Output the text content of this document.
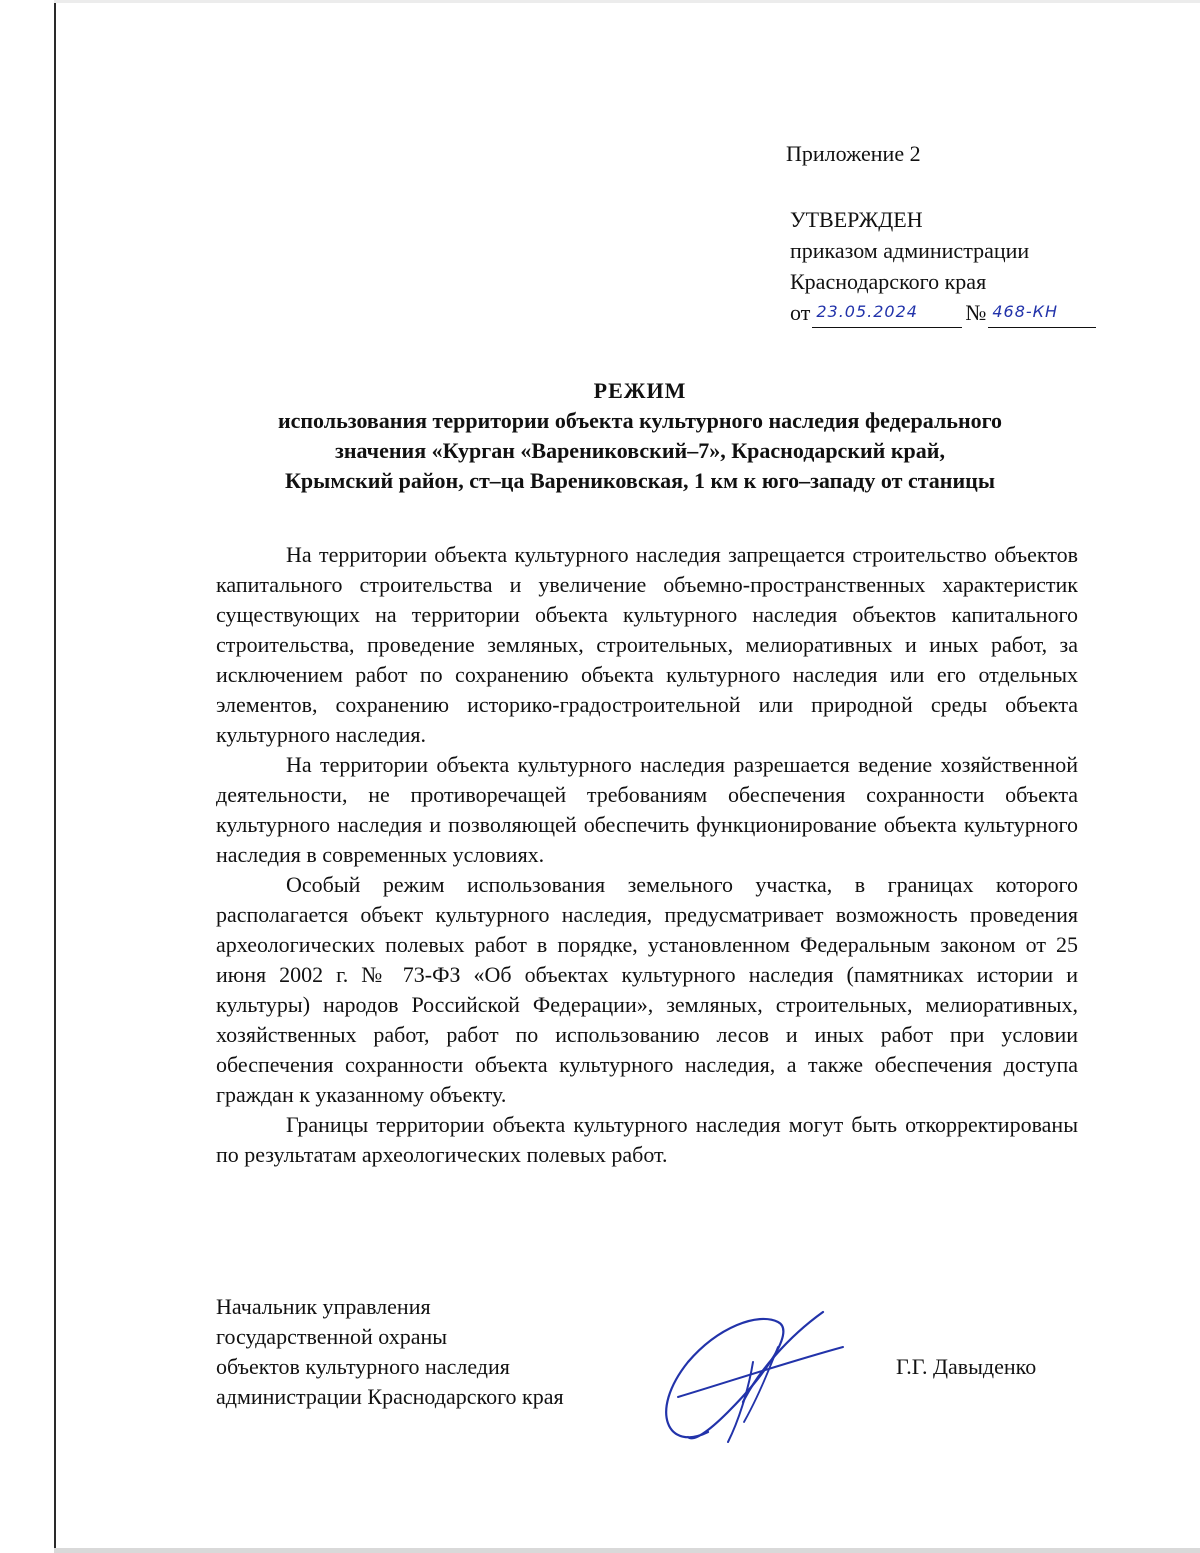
Приложение 2
УТВЕРЖДЕН
приказом администрации
Краснодарского края
от 23.05.2024 № 468-КН
РЕЖИМ
использования территории объекта культурного наследия федерального
значения «Курган «Варениковский–7», Краснодарский край,
Крымский район, ст–ца Варениковская, 1 км к юго–западу от станицы

На территории объекта культурного наследия запрещается строительство объектов капитального строительства и увеличение объемно-пространственных характеристик существующих на территории объекта культурного наследия объектов капитального строительства, проведение земляных, строительных, мелиоративных и иных работ, за исключением работ по сохранению объекта культурного наследия или его отдельных элементов, сохранению историко-градостроительной или природной среды объекта культурного наследия.

На территории объекта культурного наследия разрешается ведение хозяйственной деятельности, не противоречащей требованиям обеспечения сохранности объекта культурного наследия и позволяющей обеспечить функционирование объекта культурного наследия в современных условиях.

Особый режим использования земельного участка, в границах которого располагается объект культурного наследия, предусматривает возможность проведения археологических полевых работ в порядке, установленном Федеральным законом от 25 июня 2002 г. № 73-ФЗ «Об объектах культурного наследия (памятниках истории и культуры) народов Российской Федерации», земляных, строительных, мелиоративных, хозяйственных работ, работ по использованию лесов и иных работ при условии обеспечения сохранности объекта культурного наследия, а также обеспечения доступа граждан к указанному объекту.

Границы территории объекта культурного наследия могут быть откорректированы по результатам археологических полевых работ.

Начальник управления
государственной охраны
объектов культурного наследия
администрации Краснодарского края
Г.Г. Давыденко
